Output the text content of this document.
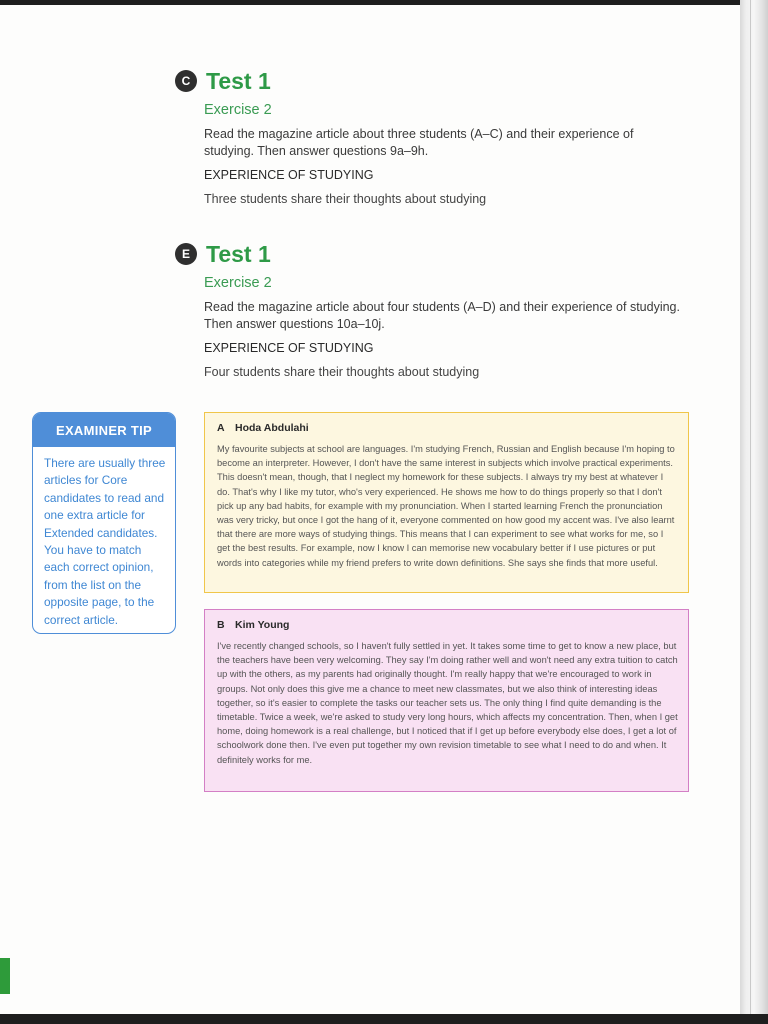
C Test 1
Exercise 2
Read the magazine article about three students (A–C) and their experience of studying. Then answer questions 9a–9h.
EXPERIENCE OF STUDYING
Three students share their thoughts about studying
E Test 1
Exercise 2
Read the magazine article about four students (A–D) and their experience of studying. Then answer questions 10a–10j.
EXPERIENCE OF STUDYING
Four students share their thoughts about studying
EXAMINER TIP
There are usually three articles for Core candidates to read and one extra article for Extended candidates. You have to match each correct opinion, from the list on the opposite page, to the correct article.
A Hoda Abdulahi
My favourite subjects at school are languages. I'm studying French, Russian and English because I'm hoping to become an interpreter. However, I don't have the same interest in subjects which involve practical experiments. This doesn't mean, though, that I neglect my homework for these subjects. I always try my best at whatever I do. That's why I like my tutor, who's very experienced. He shows me how to do things properly so that I don't pick up any bad habits, for example with my pronunciation. When I started learning French the pronunciation was very tricky, but once I got the hang of it, everyone commented on how good my accent was. I've also learnt that there are more ways of studying things. This means that I can experiment to see what works for me, so I get the best results. For example, now I know I can memorise new vocabulary better if I use pictures or put words into categories while my friend prefers to write down definitions. She says she finds that more useful.
B Kim Young
I've recently changed schools, so I haven't fully settled in yet. It takes some time to get to know a new place, but the teachers have been very welcoming. They say I'm doing rather well and won't need any extra tuition to catch up with the others, as my parents had originally thought. I'm really happy that we're encouraged to work in groups. Not only does this give me a chance to meet new classmates, but we also think of interesting ideas together, so it's easier to complete the tasks our teacher sets us. The only thing I find quite demanding is the timetable. Twice a week, we're asked to study very long hours, which affects my concentration. Then, when I get home, doing homework is a real challenge, but I noticed that if I get up before everybody else does, I get a lot of schoolwork done then. I've even put together my own revision timetable to see what I need to do and when. It definitely works for me.
